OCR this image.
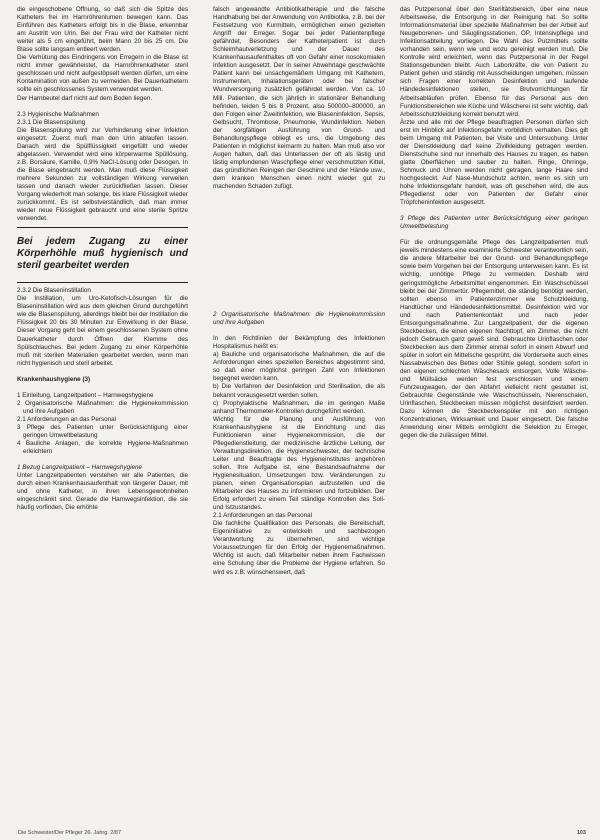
die eingeschobene Öffnung, so daß sich die Spitze des Katheters frei im Harnröhrenlumen bewegen kann. Das Einführen des Katheters erfolgt bis in die Blase, erkennbar am Austritt von Urin. Bei der Frau wird der Katheter nicht weiter als 5 cm eingeführt, beim Mann 20 bis 25 cm. Die Blase sollte langsam entleert werden.

Die Verhütung des Eindringens von Erregern in die Blase ist nicht immer gewährleistet, da Harnröhrenkatheter steril geschlossen und nicht aufgestöpselt werden dürfen, um eine Kontamination von außen zu vermeiden. Bei Dauerkathetern sollte ein geschlossenes System verwendet werden.

Der Harnbeutel darf nicht auf dem Boden liegen.

2.3 Hygienische Maßnahmen

2.3.1 Die Blasenspülung

Die Blasenspülung wird zur Verhinderung einer Infektion eingesetzt. Zuerst muß man den Urin ablaufen lassen. Danach wird die Spülflüssigkeit eingefüllt und wieder abgelassen. Verwendet wird eine körperwarme Spüllösung, z.B. Borsäure, Kamille, 0,9% NaCl-Lösung oder Desogen. In die Blase eingebracht werden. Man muß diese Flüssigkeit mehrere Sekunden zur vollständigen Wirkung verweilen lassen und danach wieder zurückfließen lassen. Dieser Vorgang wiederholt man solange, bis klare Flüssigkeit wieder zurückkommt. Es ist selbstverständlich, daß man immer wieder neue Flüssigkeit gebraucht und eine sterile Spritze verwendet.

Bei jedem Zugang zu einer Körperhöhle muß hygienisch und steril gearbeitet werden

2.3.2 Die Blaseninstillation

Die Instillation, um Uro-Ketofisch-Lösungen für die Blaseninstillation wird aus dem gleichen Grund durchgeführt wie die Blasenspülung, allerdings bleibt bei der Instillation die Flüssigkeit 20 bis 30 Minuten zur Einwirkung in der Blase. Dieser Vorgang geht bei einem geschlossenen System ohne Dauerkatheter durch Öffnen der Klemme des Spülschlauches. Bei jedem Zugang zu einer Körperhöhle muß mit sterilen Materialien gearbeitet werden, wenn man nicht hygienisch und steril arbeitet.

Krankenhaushygiene (3)

1 Einleitung, Langzeitpatient – Harnwegshygiene

2 Organisatorische Maßnahmen: die Hygienekommission und ihre Aufgaben

2.1 Anforderungen an das Personal

3 Pflege des Patienten unter Berücksichtigung einer geringen Umweltbelastung

4 Bauliche Anlagen, die korrekte Hygiene-Maßnahmen erleichtern

1 Bezug Langzeitpatient – Harnwegshygiene

Unter Langzeitpatienten verstehen wir alle Patienten, die durch einen Krankenhausaufenthalt von längerer Dauer, mit und ohne Katheter, in ihren Lebensgewohnheiten eingeschränkt sind. Gerade die Harnwegsinfektion, die sie häufig vorfinden, Die erhöhte

falsch angewandte Antibiotikatherapie und die falsche Handhabung bei der Anwendung von Antibiotika, z.B. bei der Festsetzung von Kurmitteln, ermöglichen einen gezielten Angriff der Erreger. Sogar bei jeder Patientenpflege gefährdet, Besonders der Katheterpatient ist durch Schleimhautverletzung und der Dauer des Krankenhausaufenthaltes oft von Gefahr einer nosokomialen Infektion ausgesetzt. Der in seiner Abwehrlage geschwächte Patient kann bei unsachgemäßem Umgang mit Kathetern, Instrumenten, Inhalationsgeräten oder bei falscher Wundversorgung zusätzlich gefährdet werden. Von ca. 10 Mill. Patienten, die sich jährlich in stationärer Behandlung befinden, leiden 5 bis 8 Prozent, also 500000–800000, an den Folgen einer Zweitinfektion, wie Blaseninfektion, Sepsis, Gelbsucht, Thrombose, Pneumonie, Wundinfektion. Neben der sorgfältigen Ausführung von Grund- und Behandlungspflege obliegt es uns, die Umgebung des Patienten in möglichst keimarm zu halten. Man muß also vor Augen halten, daß das Unterlassen der oft als lästig und lästig empfundenen Waschpflege einer verschmutzten Kittel, das gründlichen Reinigen der Geschirre und der Hände usw., dem kranken Menschen einen nicht wieder gut zu machenden Schaden zufügt.

2 Organisatorische Maßnahmen: die Hygienekommission und ihre Aufgaben

In den Richtlinien der Bekämpfung des Infektionen Hospitalismus heißt es:

a) Bauliche und organisatorische Maßnahmen, die auf die Anforderungen eines speziellen Bereiches abgestimmt sind, so daß einer möglichst geringen Zahl von Infektionen begegnet werden kann.

b) Die Verfahren der Desinfektion und Sterilisation, die als bekannt vorausgesetzt werden sollen.

c) Prophylaktische Maßnahmen, die im geringen Maße anhand Thermometer-Kontrollen durchgeführt werden.

Wichtig für die Planung und Ausführung von Krankenhaushygiene ist die Einrichtung und das Funktionieren einer Hygienekommission, die der Pflegedienstleitung, der medizinische ärztliche Leitung, der Verwaltungsdirektion, die Hygieneschwester, der technische Leiter und Beauftragte des Hygieneinstitutes angehören sollen. Ihre Aufgabe ist, eine Bestandsaufnahme der Hygienesituation, Umsetzungen bzw. Veränderungen zu planen, einen Organisationsplan aufzustellen und die Mitarbeiter des Hauses zu informieren und fortzubilden. Der Erfolg erfordert zu einem Teil ständige Kontrollen des Soll- und Istzustandes.

2.1 Anforderungen an das Personal

Die fachliche Qualifikation des Personals, die Bereitschaft, Eigeninitiative zu entwickeln und sachbezogen Verantwortung zu übernehmen, sind wichtige Voraussetzungen für den Erfolg der Hygienemaßnahmen. Wichtig ist auch, daß Mitarbeiter neben ihrem Fachwissen eine Schulung über die Probleme der Hygiene erfahren. So wird es z.B. wünschenswert, daß

das Putzpersonal über den Steriltätsbereich, über eine neue Arbeitsweise, die Entsorgung in der Reinigung hat. So sollte Informationsmaterial über spezielle Maßnahmen bei der Arbeit auf Neugeborenen- und Säuglingsstationen, OP, Intensivpflege und Infektionsabteilung vorliegen. Die Wahl des Putzmittels sollte vorhanden sein, wenn wie und wozu gereinigt werden muß. Die Kontrolle wird erleichtert, wenn das Putzpersonal in der Regel Stationsgebunden bleibt. Auch Laborkräfte, die von Patient zu Patient gehen und ständig mit Ausscheidungen umgehen, müssen sich Fragen einer korrekten Desinfektion und laufende Händedesinfektionen stellen, sie Brutvorrichtungen für Arbeitsabläufen prüfen. Ebenso für das Personal aus den Funktionsbereichen wie Küche und Wäscherei ist sehr wichtig, daß Arbeitsschutzkleidung korrekt benutzt wird.

Ärzte und alle mit der Pflege beauftragten Personen dürfen sich erst im Hinblick auf Infektionsgefahr vorbildlich verhalten. Dies gilt beim Umgang mit Patienten, bei Visite und Untersuchung. Unter der Dienstkleidung darf keine Zivilkleidung getragen werden. Dienstschuhe sind nur innerhalb des Hauses zu tragen, es haben glatte Oberflächen und sauber zu halten. Ringe, Ohrringe, Schmuck und Uhren werden nicht getragen, lange Haare sind hochgesteckt. Auf Nase-Mundschutz achten, wenn es sich um hohe Infektionsgefahr handelt, was oft geschehen wird, die aus Pflegedienst oder von Patienten der Gefahr einer Tröpfcheninfektion ausgesetzt.

3 Pflege des Patienten unter Berücksichtigung einer geringen Umweltbelastung

Für die ordnungsgemäße Pflege des Langzeitpatienten muß jeweils mindestens eine examinierte Schwester verantwortlich sein, die andere Mitarbeiter bei der Grund- und Behandlungspflege sowie beim Vorgehen bei der Entsorgung unterweisen kann. Es ist wichtig, unnötige Pflege zu vermeiden. Deshalb wird geringstmögliche Arbeitsmittel eingenommen. Ein Waschschüssel bleibt bei der Zimmertür. Pflegemittel, die ständig benötigt werden, sollten ebenso im Patientenzimmer wie Schutzkleidung, Handtücher und Händedesinfektionsmittel. Desinfektion wird vor und nach Patientenkontakt und nach jeder Entsorgungsmaßnahme. Zur Langzeitpatient, der die eigenen Steckbecken, die einen eigenen Nachttopf, ein Zimmer, die nicht jedoch Gebrauch ganz gewiß sind. Gebrauchte Urinflaschen oder Steckbecken aus dem Zimmer einmal sofort in einem Abwurf und spüler in sofort ein Mittelsche gesprüht, die Vorderseite auch eines Nassabwischen des Bettes oder Stühle gelegt, sondern sofort in den eigenen schlechten Wäschesack entsorgen, Volle Wäsche- und Müllsäcke werden fest verschlossen und einem Fuhrzeugwagen, der den Abfahrt vielleicht nicht gestattet ist, Gebrauchte Gegenstände wie Waschschüsseln, Nierenschalen, Urinflaschen, Steckbecken müssen möglichst desinfiziert werden. Dazu können die Steckbeckenspüler mit den richtigen Konzentrationen, Wirksamkeit und Dauer eingesetzt. Die falsche Anwendung einer Mittels ermöglicht die Selektion zu Erreger, gegen die die zulässigen Mittel.

Die Schwester/Der Pfleger 26. Jahrg. 2/87	103
